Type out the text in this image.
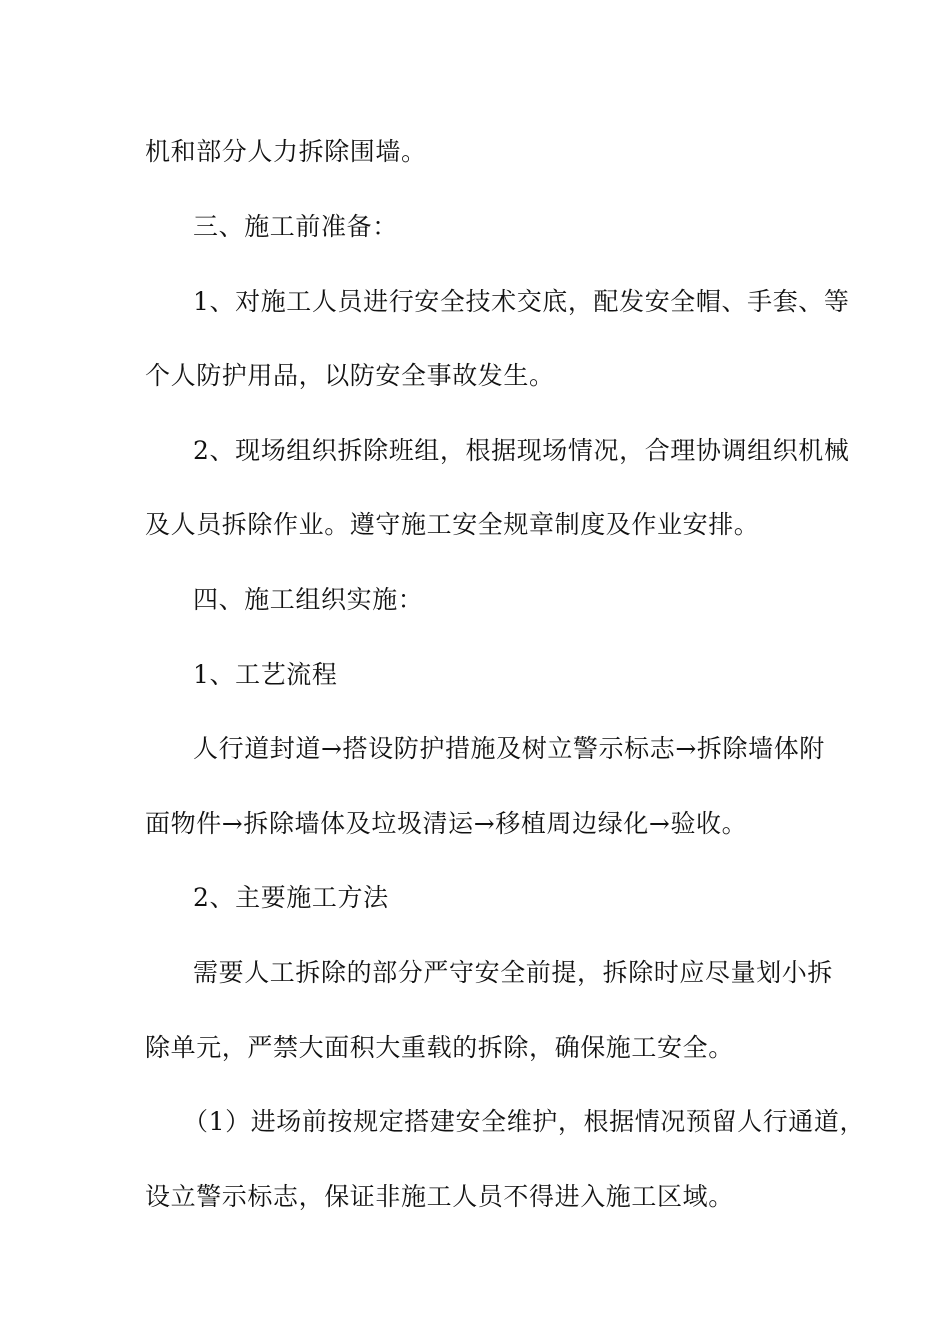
机和部分人力拆除围墙。
三、施工前准备：
1、对施工人员进行安全技术交底，配发安全帽、手套、等
个人防护用品，以防安全事故发生。
2、现场组织拆除班组，根据现场情况，合理协调组织机械
及人员拆除作业。遵守施工安全规章制度及作业安排。
四、施工组织实施：
1、工艺流程
人行道封道→搭设防护措施及树立警示标志→拆除墙体附
面物件→拆除墙体及垃圾清运→移植周边绿化→验收。
2、主要施工方法
需要人工拆除的部分严守安全前提，拆除时应尽量划小拆
除单元，严禁大面积大重载的拆除，确保施工安全。
（1）进场前按规定搭建安全维护，根据情况预留人行通道，
设立警示标志，保证非施工人员不得进入施工区域。
